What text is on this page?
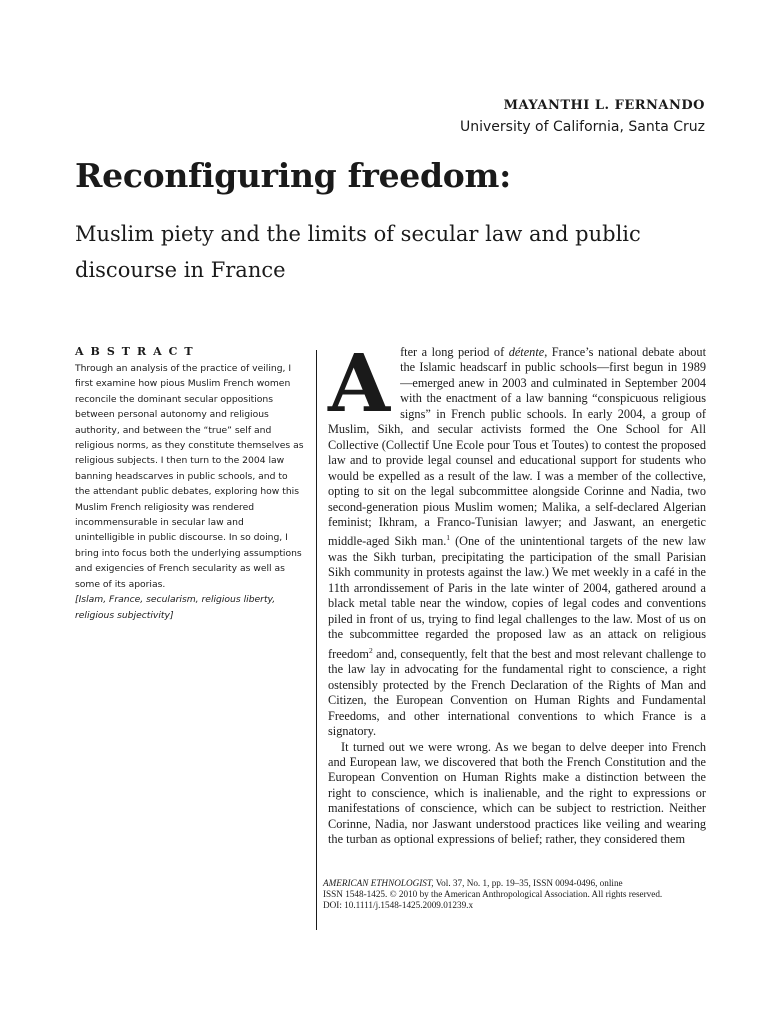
MAYANTHI L. FERNANDO
University of California, Santa Cruz
Reconfiguring freedom:
Muslim piety and the limits of secular law and public discourse in France
ABSTRACT

Through an analysis of the practice of veiling, I first examine how pious Muslim French women reconcile the dominant secular oppositions between personal autonomy and religious authority, and between the “true” self and religious norms, as they constitute themselves as religious subjects. I then turn to the 2004 law banning headscarves in public schools, and to the attendant public debates, exploring how this Muslim French religiosity was rendered incommensurable in secular law and unintelligible in public discourse. In so doing, I bring into focus both the underlying assumptions and exigencies of French secularity as well as some of its aporias.
[Islam, France, secularism, religious liberty, religious subjectivity]

After a long period of détente, France’s national debate about the Islamic headscarf in public schools—first begun in 1989—emerged anew in 2003 and culminated in September 2004 with the enactment of a law banning “conspicuous religious signs” in French public schools. In early 2004, a group of Muslim, Sikh, and secular activists formed the One School for All Collective (Collectif Une Ecole pour Tous et Toutes) to contest the proposed law and to provide legal counsel and educational support for students who would be expelled as a result of the law. I was a member of the collective, opting to sit on the legal subcommittee alongside Corinne and Nadia, two second-generation pious Muslim women; Malika, a self-declared Algerian feminist; Ikhram, a Franco-Tunisian lawyer; and Jaswant, an energetic middle-aged Sikh man.$^1$ (One of the unintentional targets of the new law was the Sikh turban, precipitating the participation of the small Parisian Sikh community in protests against the law.) We met weekly in a café in the 11th arrondissement of Paris in the late winter of 2004, gathered around a black metal table near the window, copies of legal codes and conventions piled in front of us, trying to find legal challenges to the law. Most of us on the subcommittee regarded the proposed law as an attack on religious freedom$^2$ and, consequently, felt that the best and most relevant challenge to the law lay in advocating for the fundamental right to conscience, a right ostensibly protected by the French Declaration of the Rights of Man and Citizen, the European Convention on Human Rights and Fundamental Freedoms, and other international conventions to which France is a signatory.

It turned out we were wrong. As we began to delve deeper into French and European law, we discovered that both the French Constitution and the European Convention on Human Rights make a distinction between the right to conscience, which is inalienable, and the right to expressions or manifestations of conscience, which can be subject to restriction. Neither Corinne, Nadia, nor Jaswant understood practices like veiling and wearing the turban as optional expressions of belief; rather, they considered them

AMERICAN ETHNOLOGIST, Vol. 37, No. 1, pp. 19–35, ISSN 0094-0496, online
ISSN 1548-1425. © 2010 by the American Anthropological Association. All rights reserved.
DOI: 10.1111/j.1548-1425.2009.01239.x
